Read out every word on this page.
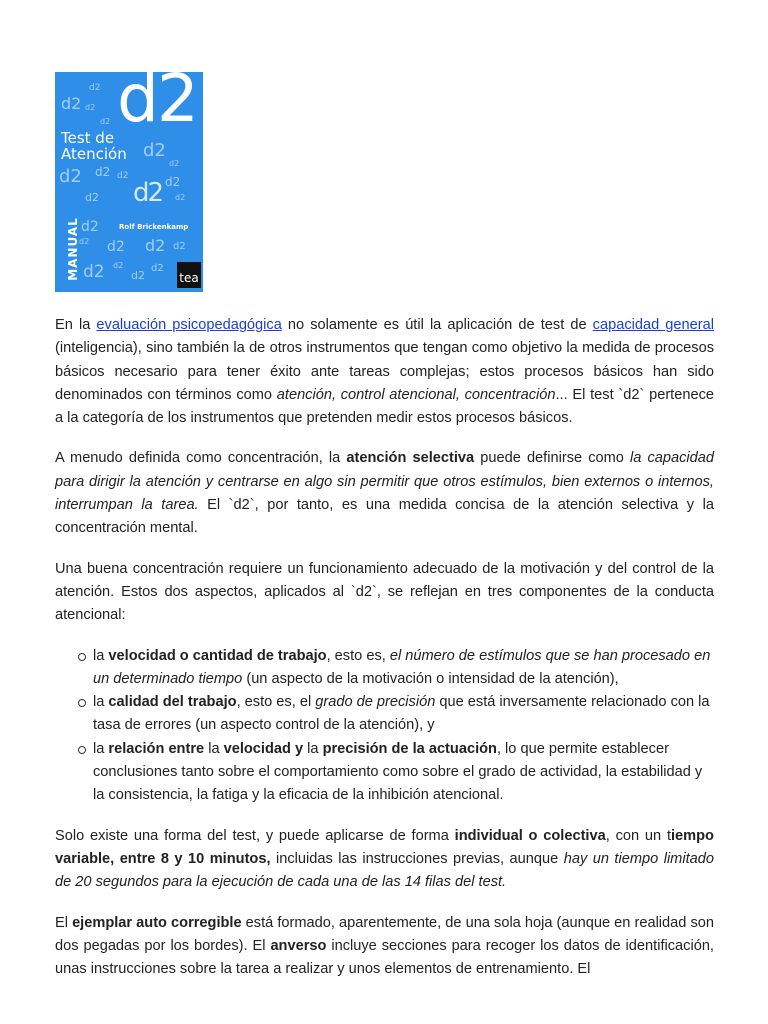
d2
d2
d2
d2
d2
d2
d2 d2 d2	d2
d2
d2	d2
d2
d2 d2 d2 d2
d2 d2
d2
d2
d2
Test de
Atención
MANUAL	Rolf Brickenkamp
tea

En la evaluación psicopedagógica no solamente es útil la aplicación de test de capacidad general (inteligencia), sino también la de otros instrumentos que tengan como objetivo la medida de procesos básicos necesario para tener éxito ante tareas complejas; estos procesos básicos han sido denominados con términos como atención, control atencional, concentración... El test `d2` pertenece a la categoría de los instrumentos que pretenden medir estos procesos básicos.

A menudo definida como concentración, la atención selectiva puede definirse como la capacidad para dirigir la atención y centrarse en algo sin permitir que otros estímulos, bien externos o internos, interrumpan la tarea. El `d2`, por tanto, es una medida concisa de la atención selectiva y la concentración mental.

Una buena concentración requiere un funcionamiento adecuado de la motivación y del control de la atención. Estos dos aspectos, aplicados al `d2`, se reflejan en tres componentes de la conducta atencional:

la velocidad o cantidad de trabajo, esto es, el número de estímulos que se han procesado en un determinado tiempo (un aspecto de la motivación o intensidad de la atención),
la calidad del trabajo, esto es, el grado de precisión que está inversamente relacionado con la tasa de errores (un aspecto control de la atención), y
la relación entre la velocidad y la precisión de la actuación, lo que permite establecer conclusiones tanto sobre el comportamiento como sobre el grado de actividad, la estabilidad y la consistencia, la fatiga y la eficacia de la inhibición atencional.

Solo existe una forma del test, y puede aplicarse de forma individual o colectiva, con un tiempo variable, entre 8 y 10 minutos, incluidas las instrucciones previas, aunque hay un tiempo limitado de 20 segundos para la ejecución de cada una de las 14 filas del test.

El ejemplar auto corregible está formado, aparentemente, de una sola hoja (aunque en realidad son dos pegadas por los bordes). El anverso incluye secciones para recoger los datos de identificación, unas instrucciones sobre la tarea a realizar y unos elementos de entrenamiento. El
